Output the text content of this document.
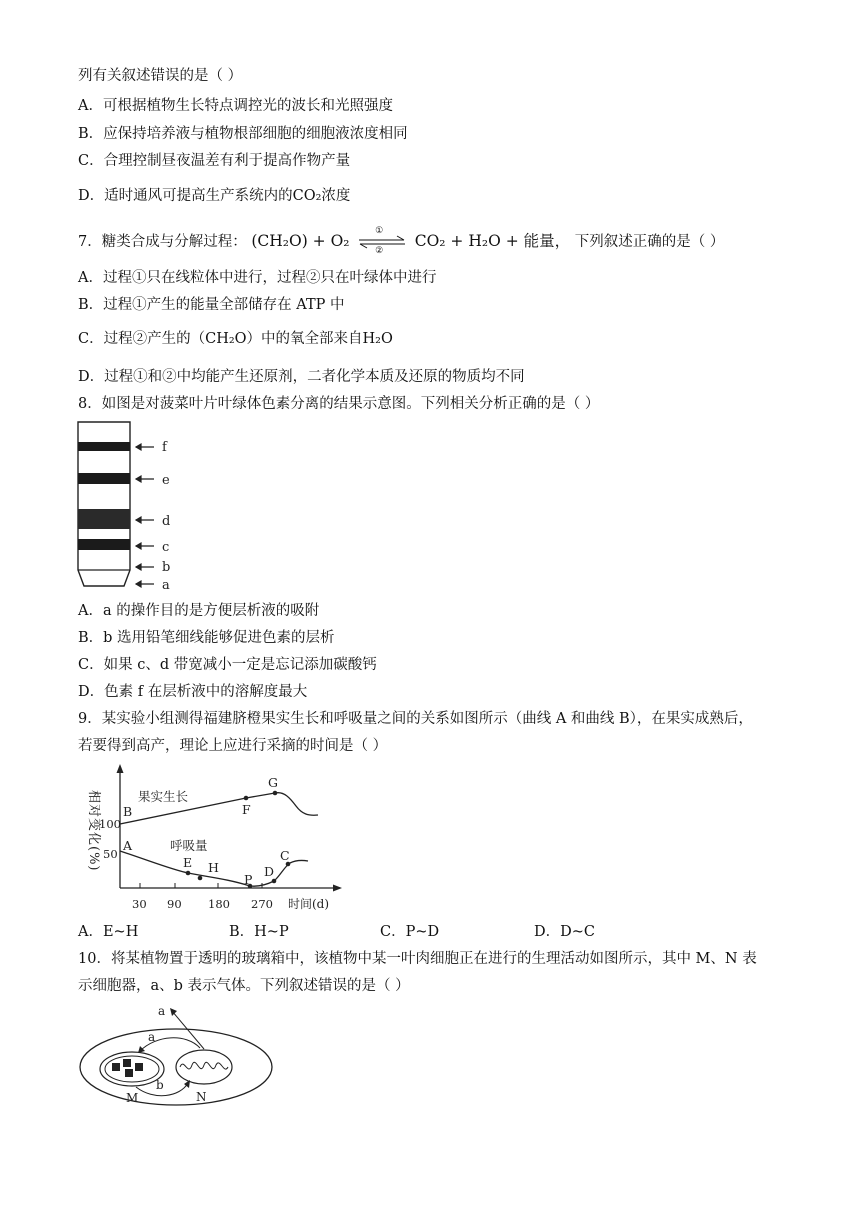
列有关叙述错误的是（ ）
A．可根据植物生长特点调控光的波长和光照强度
B．应保持培养液与植物根部细胞的细胞液浓度相同
C．合理控制昼夜温差有利于提高作物产量
D．适时通风可提高生产系统内的CO₂浓度
7．糖类合成与分解过程： (CH₂O) + O₂
①
②
CO₂ + H₂O + 能量， 下列叙述正确的是（ ）
A．过程①只在线粒体中进行，过程②只在叶绿体中进行
B．过程①产生的能量全部储存在 ATP 中
C．过程②产生的（CH₂O）中的氧全部来自H₂O
D．过程①和②中均能产生还原剂，二者化学本质及还原的物质均不同
8．如图是对菠菜叶片叶绿体色素分离的结果示意图。下列相关分析正确的是（ ）
f
e
d
c
b
a
A．a 的操作目的是方便层析液的吸附
B．b 选用铅笔细线能够促进色素的层析
C．如果 c、d 带宽减小一定是忘记添加碳酸钙
D．色素 f 在层析液中的溶解度最大
9．某实验小组测得福建脐橙果实生长和呼吸量之间的关系如图所示（曲线 A 和曲线 B），在果实成熟后，
若要得到高产，理论上应进行采摘的时间是（ ）
30 90 180 270 时间(d)
100
50
相对变化(%) B	F
G
A
E H
P
D
C
果实生长
呼吸量
A．E~H	B．H~P	C．P~D	D．D~C
10．将某植物置于透明的玻璃箱中，该植物中某一叶肉细胞正在进行的生理活动如图所示，其中 M、N 表
示细胞器，a、b 表示气体。下列叙述错误的是（ ）
a
a
b
M	N
